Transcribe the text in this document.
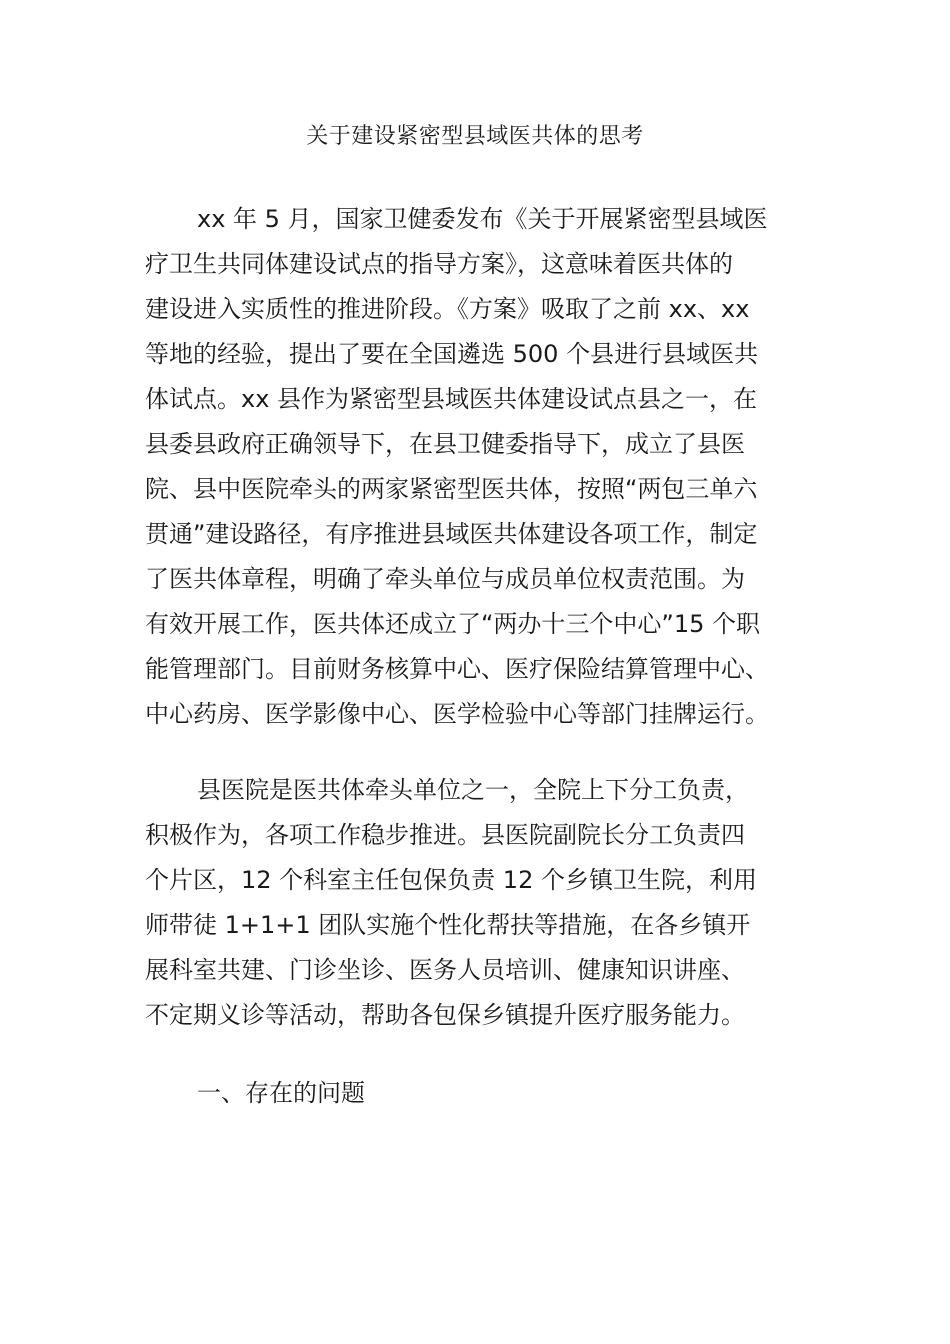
关于建设紧密型县域医共体的思考
xx 年 5 月，国家卫健委发布《关于开展紧密型县域医
疗卫生共同体建设试点的指导方案》，这意味着医共体的
建设进入实质性的推进阶段。《方案》吸取了之前 xx、xx
等地的经验，提出了要在全国遴选 500 个县进行县域医共
体试点。xx 县作为紧密型县域医共体建设试点县之一，在
县委县政府正确领导下，在县卫健委指导下，成立了县医
院、县中医院牵头的两家紧密型医共体，按照“两包三单六
贯通”建设路径，有序推进县域医共体建设各项工作，制定
了医共体章程，明确了牵头单位与成员单位权责范围。为
有效开展工作，医共体还成立了“两办十三个中心”15 个职
能管理部门。目前财务核算中心、医疗保险结算管理中心、
中心药房、医学影像中心、医学检验中心等部门挂牌运行。
县医院是医共体牵头单位之一，全院上下分工负责，
积极作为，各项工作稳步推进。县医院副院长分工负责四
个片区，12 个科室主任包保负责 12 个乡镇卫生院，利用
师带徒 1+1+1 团队实施个性化帮扶等措施，在各乡镇开
展科室共建、门诊坐诊、医务人员培训、健康知识讲座、
不定期义诊等活动，帮助各包保乡镇提升医疗服务能力。
一、存在的问题
